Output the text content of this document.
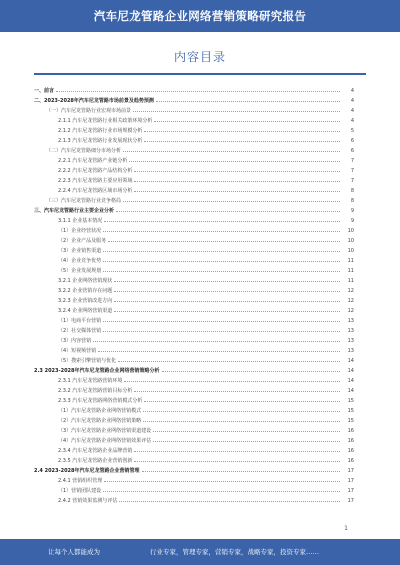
汽车尼龙管路企业网络营销策略研究报告
内容目录
一、前言	4
二、2023-2028年汽车尼龙管路市场前景及趋势预测	4
（一）汽车尼龙管路行业宏观市场前景	4
2.1.1 汽车尼龙管路行业相关政策环境分析	4
2.1.2 汽车尼龙管路行业市场规模分析	5
2.1.3 汽车尼龙管路行业发展现状分析	6
（二）汽车尼龙管路细分市场分析	6
2.2.1 汽车尼龙管路产业链分析	7
2.2.2 汽车尼龙管路产品结构分析	7
2.2.3 汽车尼龙管路主要应用领域	7
2.2.4 汽车尼龙管路区域市场分析	8
（三）汽车尼龙管路行业竞争格局	8
三、汽车尼龙管路行业主要企业分析	9
3.1.1 企业基本情况	9
（1）企业经营状况	10
（2）企业产品及服务	10
（3）企业销售渠道	10
（4）企业竞争优势	11
（5）企业发展规划	11
3.2.1 企业网络营销现状	11
3.2.2 企业营销存在问题	12
3.2.3 企业营销改进方向	12
3.2.4 企业网络营销渠道	12
（1）电商平台营销	13
（2）社交媒体营销	13
（3）内容营销	13
（4）短视频营销	13
（5）搜索引擎营销与优化	14
2.3 2023-2028年汽车尼龙管路企业网络营销策略分析	14
2.3.1 汽车尼龙管路营销环境	14
2.3.2 汽车尼龙管路营销目标分析	14
2.3.3 汽车尼龙管路网络营销模式分析	15
（1）汽车尼龙管路企业网络营销模式	15
（2）汽车尼龙管路企业网络营销策略	15
（3）汽车尼龙管路企业网络营销渠道建设	16
（4）汽车尼龙管路企业网络营销效果评估	16
2.3.4 汽车尼龙管路企业品牌营销	16
2.3.5 汽车尼龙管路企业营销创新	16
2.4 2023-2028年汽车尼龙管路企业营销管理	17
2.4.1 营销组织管理	17
（1）营销团队建设	17
2.4.2 营销效果监测与评估	17
1
让每个人都能成为	行业专家，管理专家，营销专家，战略专家，投资专家……
